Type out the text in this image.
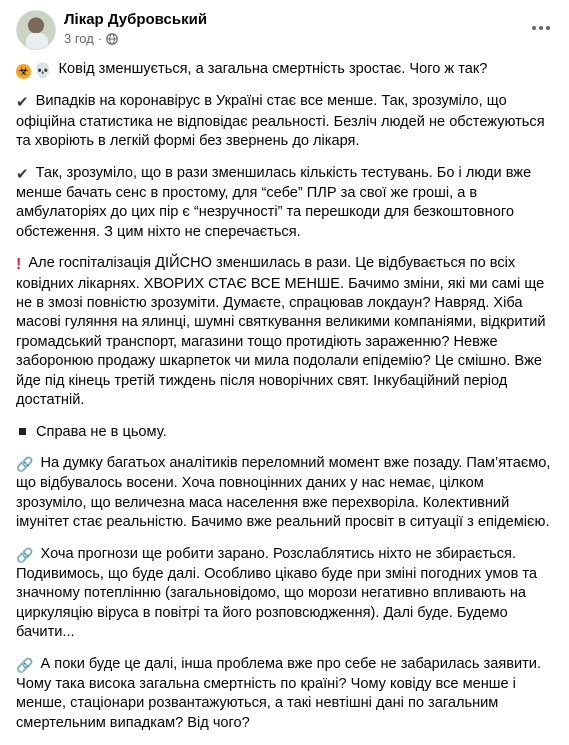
Лікар Дубровський
3 год ·

☣ 💀 Ковід зменшується, а загальна смертність зростає. Чого ж так?

✔ Випадків на коронавірус в Україні стає все менше. Так, зрозуміло, що офіційна статистика не відповідає реальності. Безліч людей не обстежуються та хворіють в легкій формі без звернень до лікаря.

✔ Так, зрозуміло, що в рази зменшилась кількість тестувань. Бо і люди вже менше бачать сенс в простому, для “себе” ПЛР за свої же гроші, а в амбулаторіях до цих пір є “незручності” та перешкоди для безкоштовного обстеження. З цим ніхто не сперечається.

! Але госпіталізація ДІЙСНО зменшилась в рази. Це відбувається по всіх ковідних лікарнях. ХВОРИХ СТАЄ ВСЕ МЕНШЕ. Бачимо зміни, які ми самі ще не в змозі повністю зрозуміти. Думаєте, спрацював локдаун? Навряд. Хіба масові гуляння на ялинці, шумні святкування великими компаніями, відкритий громадський транспорт, магазини тощо протидіють зараженню? Невже заборонюю продажу шкарпеток чи мила подолали епідемію? Це смішно. Вже йде під кінець третій тиждень після новорічних свят. Інкубаційний період достатній.

Справа не в цьому.

🔗 На думку багатьох аналітиків переломний момент вже позаду. Пам’ятаємо, що відбувалось восени. Хоча повноцінних даних у нас немає, цілком зрозуміло, що величезна маса населення вже перехворіла. Колективний імунітет стає реальністю. Бачимо вже реальний просвіт в ситуації з епідемією.

🔗 Хоча прогнози ще робити зарано. Розслаблятись ніхто не збирається. Подивимось, що буде далі. Особливо цікаво буде при зміні погодних умов та значному потеплінню (загальновідомо, що морози негативно впливають на циркуляцію віруса в повітрі та його розповсюдження). Далі буде. Будемо бачити...

🔗 А поки буде це далі, інша проблема вже про себе не забарилась заявити. Чому така висока загальна смертність по країні? Чому ковіду все менше і менше, стаціонари розвантажуються, а такі невтішні дані по загальним смертельним випадкам? Від чого?
